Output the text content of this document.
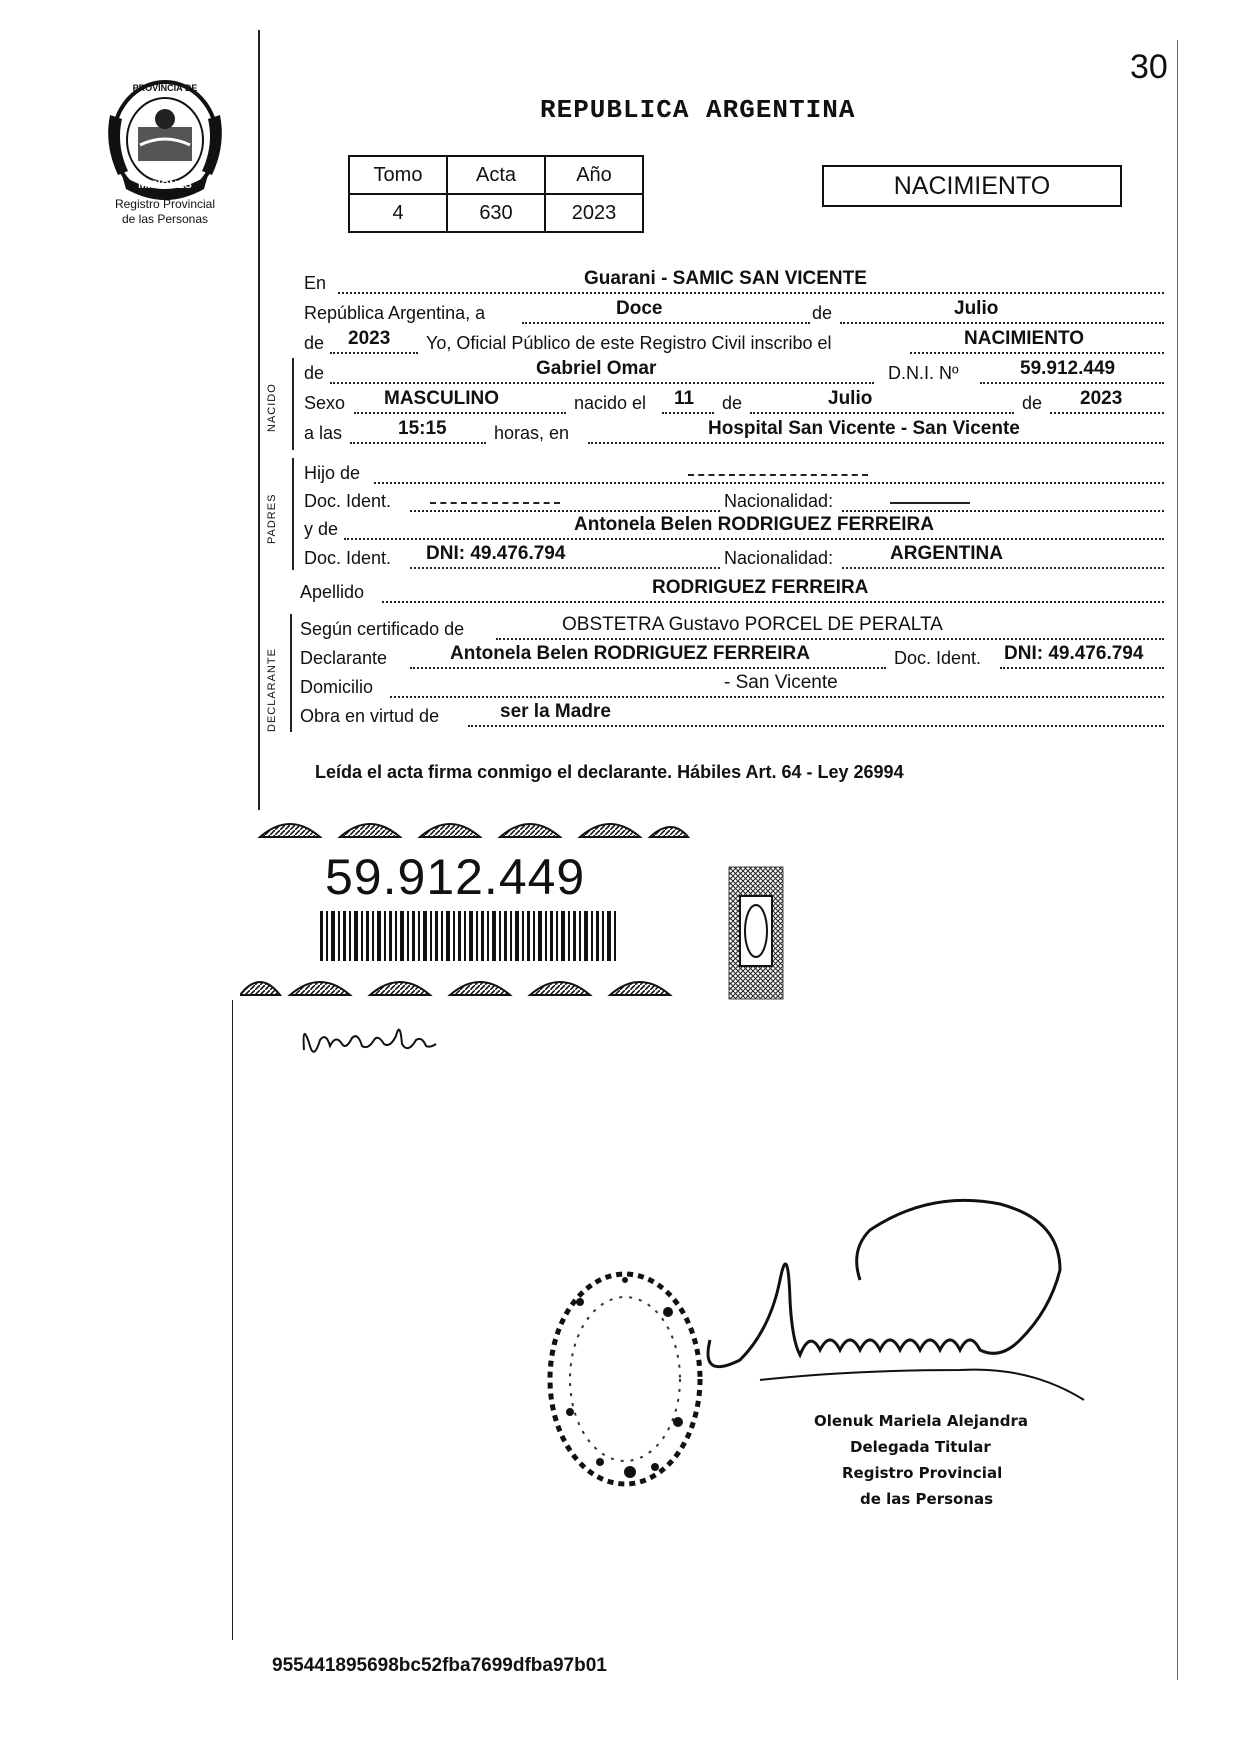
30
MISIONES
PROVINCIA DE
Registro Provincial
de las Personas
REPUBLICA ARGENTINA
Tomo	Acta	Año
4	630	2023
NACIMIENTO
En	Guarani - SAMIC SAN VICENTE
República Argentina, a	Doce	de	Julio
de 2023 Yo, Oficial Público de este Registro Civil inscribo el	NACIMIENTO
NACIDO
de	Gabriel Omar	D.N.I. Nº	59.912.449
Sexo MASCULINO	nacido el 11 de	Julio	de 2023
a las	15:15	horas, en	Hospital San Vicente - San Vicente
PADRES
Hijo de
Doc. Ident.	Nacionalidad:
y de	Antonela Belen RODRIGUEZ FERREIRA
Doc. Ident. DNI: 49.476.794	Nacionalidad:	ARGENTINA
Apellido	RODRIGUEZ FERREIRA
DECLARANTE
Según certificado de	OBSTETRA Gustavo PORCEL DE PERALTA
Declarante	Antonela Belen RODRIGUEZ FERREIRA	Doc. Ident. DNI: 49.476.794
Domicilio	- San Vicente
Obra en virtud de	ser la Madre
Leída el acta firma conmigo el declarante. Hábiles Art. 64 - Ley 26994
59.912.449
Olenuk Mariela Alejandra
Delegada Titular
Registro Provincial
de las Personas
955441895698bc52fba7699dfba97b01
